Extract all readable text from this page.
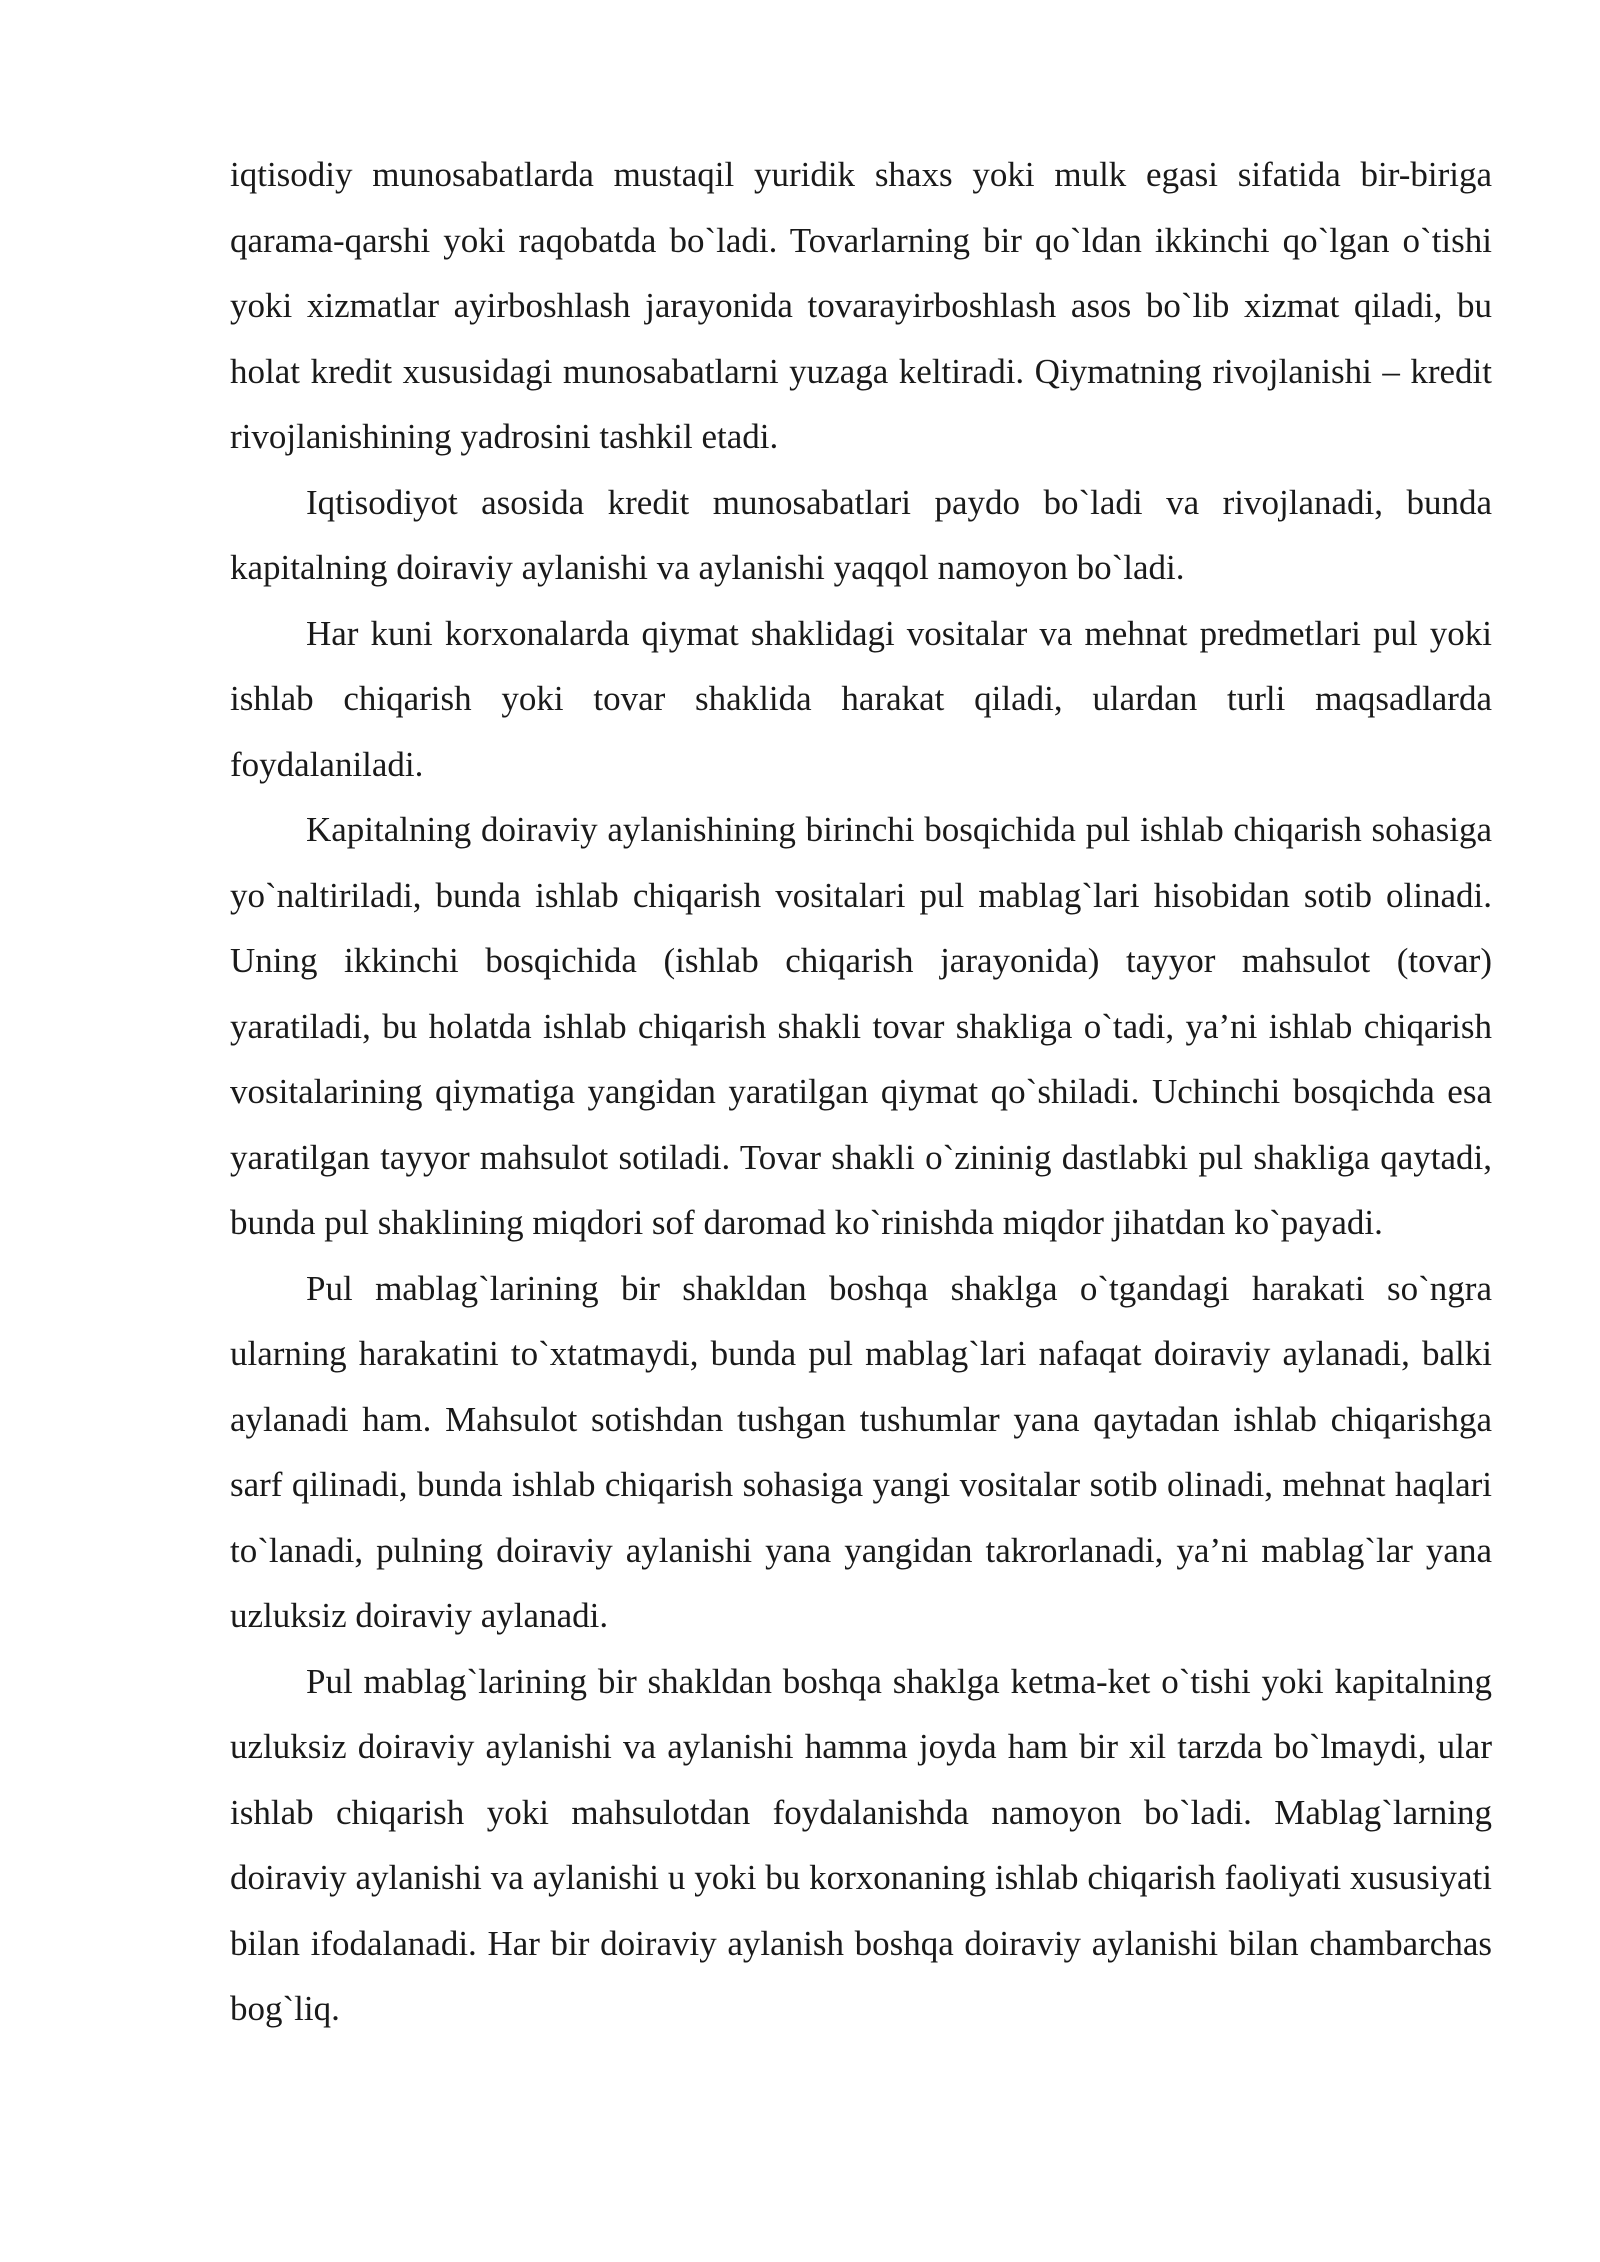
iqtisodiy munosabatlarda mustaqil yuridik shaxs yoki mulk egasi sifatida bir-biriga qarama-qarshi yoki raqobatda bo`ladi. Tovarlarning bir qo`ldan ikkinchi qo`lgan o`tishi yoki xizmatlar ayirboshlash jarayonida tovarayirboshlash asos bo`lib xizmat qiladi, bu holat kredit xususidagi munosabatlarni yuzaga keltiradi. Qiymatning rivojlanishi – kredit rivojlanishining yadrosini tashkil etadi.

Iqtisodiyot asosida kredit munosabatlari paydo bo`ladi va rivojlanadi, bunda kapitalning doiraviy aylanishi va aylanishi yaqqol namoyon bo`ladi.

Har kuni korxonalarda qiymat shaklidagi vositalar va mehnat predmetlari pul yoki ishlab chiqarish yoki tovar shaklida harakat qiladi, ulardan turli maqsadlarda foydalaniladi.

Kapitalning doiraviy aylanishining birinchi bosqichida pul ishlab chiqarish sohasiga yo`naltiriladi, bunda ishlab chiqarish vositalari pul mablag`lari hisobidan sotib olinadi. Uning ikkinchi bosqichida (ishlab chiqarish jarayonida) tayyor mahsulot (tovar) yaratiladi, bu holatda ishlab chiqarish shakli tovar shakliga o`tadi, ya’ni ishlab chiqarish vositalarining qiymatiga yangidan yaratilgan qiymat qo`shiladi. Uchinchi bosqichda esa yaratilgan tayyor mahsulot sotiladi. Tovar shakli o`zininig dastlabki pul shakliga qaytadi, bunda pul shaklining miqdori sof daromad ko`rinishda miqdor jihatdan ko`payadi.

Pul mablag`larining bir shakldan boshqa shaklga o`tgandagi harakati so`ngra ularning harakatini to`xtatmaydi, bunda pul mablag`lari nafaqat doiraviy aylanadi, balki aylanadi ham. Mahsulot sotishdan tushgan tushumlar yana qaytadan ishlab chiqarishga sarf qilinadi, bunda ishlab chiqarish sohasiga yangi vositalar sotib olinadi, mehnat haqlari to`lanadi, pulning doiraviy aylanishi yana yangidan takrorlanadi, ya’ni mablag`lar yana uzluksiz doiraviy aylanadi.

Pul mablag`larining bir shakldan boshqa shaklga ketma-ket o`tishi yoki kapitalning uzluksiz doiraviy aylanishi va aylanishi hamma joyda ham bir xil tarzda bo`lmaydi, ular ishlab chiqarish yoki mahsulotdan foydalanishda namoyon bo`ladi. Mablag`larning doiraviy aylanishi va aylanishi u yoki bu korxonaning ishlab chiqarish faoliyati xususiyati bilan ifodalanadi. Har bir doiraviy aylanish boshqa doiraviy aylanishi bilan chambarchas bog`liq.
